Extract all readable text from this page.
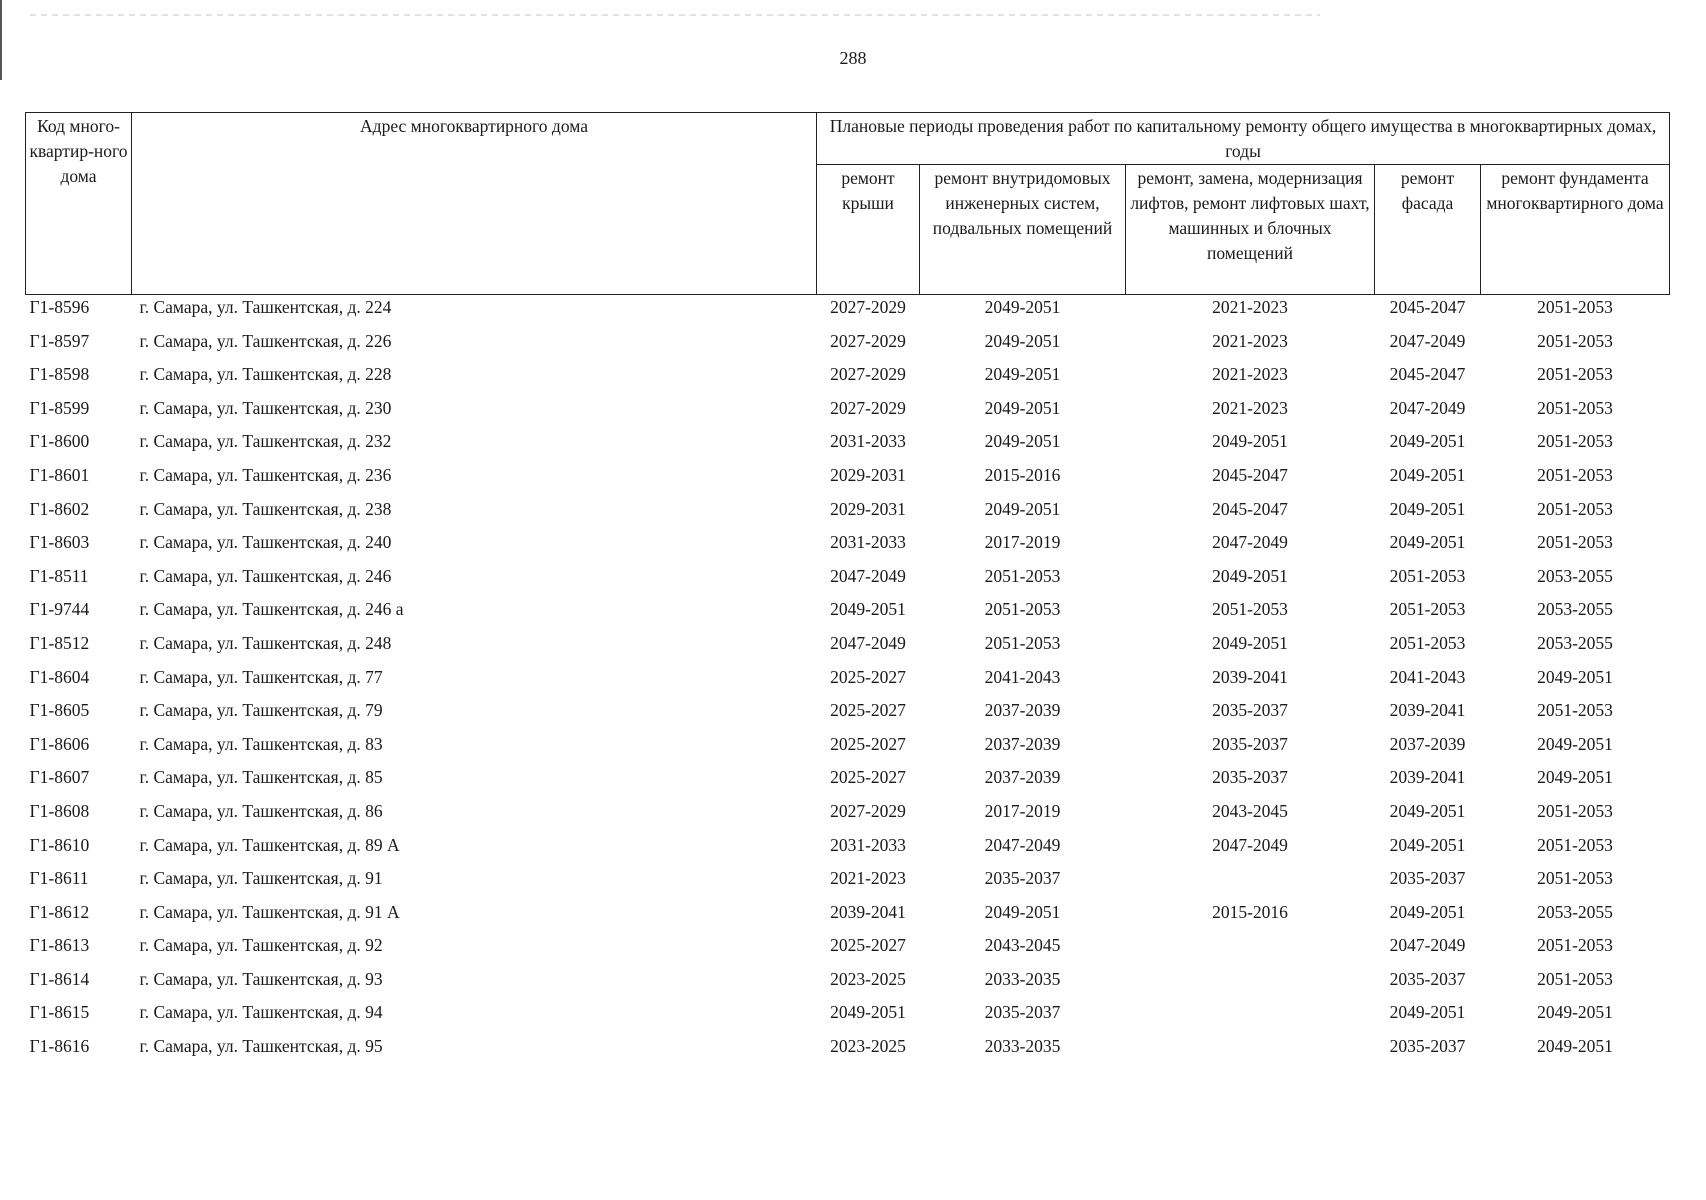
288
Код много-квартир-ного дома	Адрес многоквартирного дома	Плановые периоды проведения работ по капитальному ремонту общего имущества в многоквартирных домах, годы				
		ремонт крыши	ремонт внутридомовых инженерных систем, подвальных помещений	ремонт, замена, модернизация лифтов, ремонт лифтовых шахт, машинных и блочных помещений	ремонт фасада	ремонт фундамента многоквартирного дома
Г1-8596	г. Самара, ул. Ташкентская, д. 224	2027-2029	2049-2051	2021-2023	2045-2047	2051-2053
Г1-8597	г. Самара, ул. Ташкентская, д. 226	2027-2029	2049-2051	2021-2023	2047-2049	2051-2053
Г1-8598	г. Самара, ул. Ташкентская, д. 228	2027-2029	2049-2051	2021-2023	2045-2047	2051-2053
Г1-8599	г. Самара, ул. Ташкентская, д. 230	2027-2029	2049-2051	2021-2023	2047-2049	2051-2053
Г1-8600	г. Самара, ул. Ташкентская, д. 232	2031-2033	2049-2051	2049-2051	2049-2051	2051-2053
Г1-8601	г. Самара, ул. Ташкентская, д. 236	2029-2031	2015-2016	2045-2047	2049-2051	2051-2053
Г1-8602	г. Самара, ул. Ташкентская, д. 238	2029-2031	2049-2051	2045-2047	2049-2051	2051-2053
Г1-8603	г. Самара, ул. Ташкентская, д. 240	2031-2033	2017-2019	2047-2049	2049-2051	2051-2053
Г1-8511	г. Самара, ул. Ташкентская, д. 246	2047-2049	2051-2053	2049-2051	2051-2053	2053-2055
Г1-9744	г. Самара, ул. Ташкентская, д. 246 а	2049-2051	2051-2053	2051-2053	2051-2053	2053-2055
Г1-8512	г. Самара, ул. Ташкентская, д. 248	2047-2049	2051-2053	2049-2051	2051-2053	2053-2055
Г1-8604	г. Самара, ул. Ташкентская, д. 77	2025-2027	2041-2043	2039-2041	2041-2043	2049-2051
Г1-8605	г. Самара, ул. Ташкентская, д. 79	2025-2027	2037-2039	2035-2037	2039-2041	2051-2053
Г1-8606	г. Самара, ул. Ташкентская, д. 83	2025-2027	2037-2039	2035-2037	2037-2039	2049-2051
Г1-8607	г. Самара, ул. Ташкентская, д. 85	2025-2027	2037-2039	2035-2037	2039-2041	2049-2051
Г1-8608	г. Самара, ул. Ташкентская, д. 86	2027-2029	2017-2019	2043-2045	2049-2051	2051-2053
Г1-8610	г. Самара, ул. Ташкентская, д. 89 А	2031-2033	2047-2049	2047-2049	2049-2051	2051-2053
Г1-8611	г. Самара, ул. Ташкентская, д. 91	2021-2023	2035-2037		2035-2037	2051-2053
Г1-8612	г. Самара, ул. Ташкентская, д. 91 А	2039-2041	2049-2051	2015-2016	2049-2051	2053-2055
Г1-8613	г. Самара, ул. Ташкентская, д. 92	2025-2027	2043-2045		2047-2049	2051-2053
Г1-8614	г. Самара, ул. Ташкентская, д. 93	2023-2025	2033-2035		2035-2037	2051-2053
Г1-8615	г. Самара, ул. Ташкентская, д. 94	2049-2051	2035-2037		2049-2051	2049-2051
Г1-8616	г. Самара, ул. Ташкентская, д. 95	2023-2025	2033-2035		2035-2037	2049-2051
